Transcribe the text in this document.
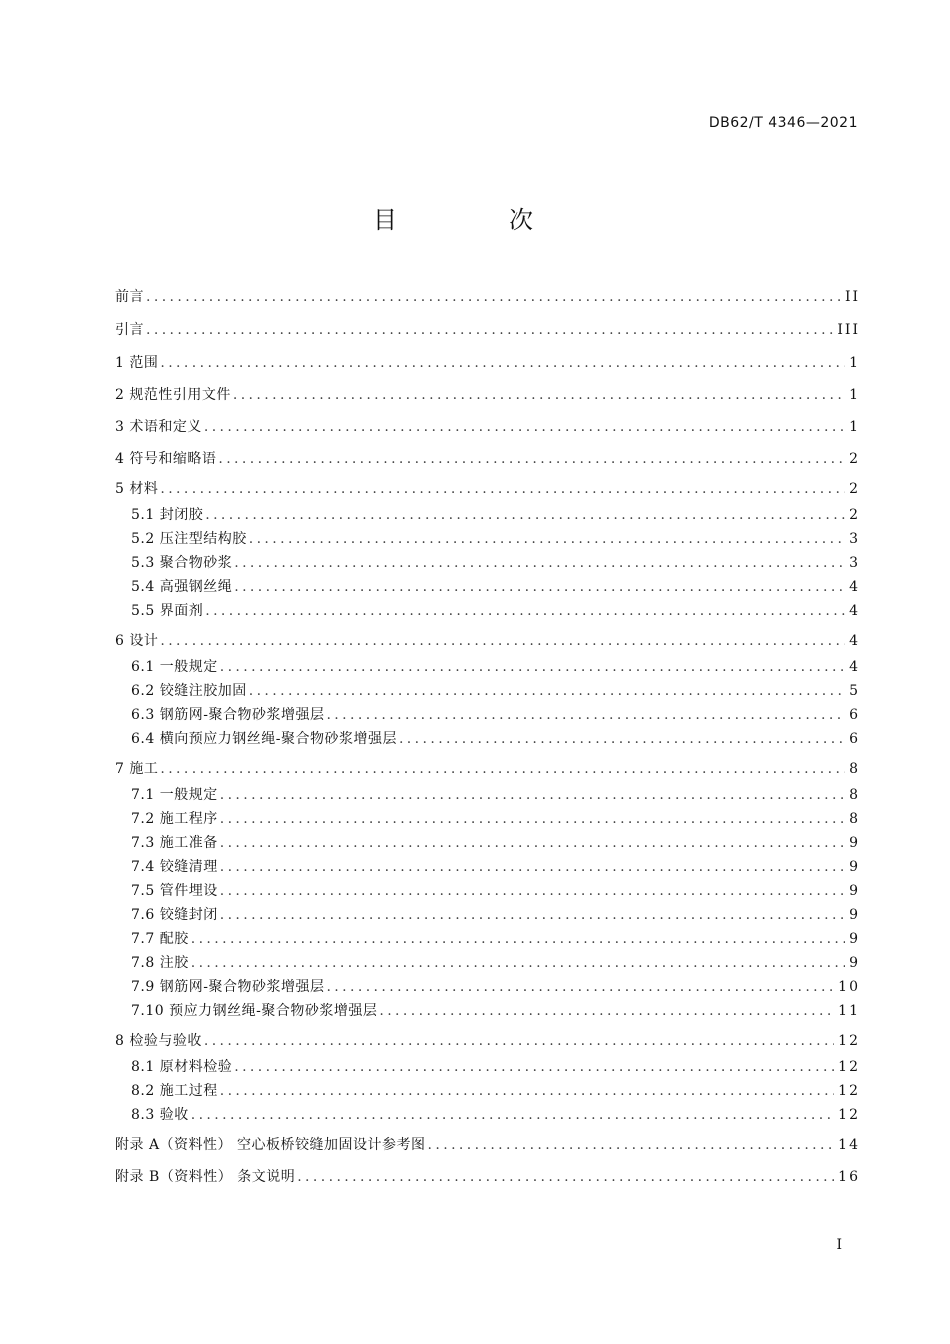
DB62/T 4346—2021
目　次
前言 .....	II
引言 .....	III
1 范围 .....	1
2 规范性引用文件 .....	1
3 术语和定义 .....	1
4 符号和缩略语 .....	2
5 材料 .....	2
5.1 封闭胶 .....	2
5.2 压注型结构胶 .....	3
5.3 聚合物砂浆 .....	3
5.4 高强钢丝绳 .....	4
5.5 界面剂 .....	4
6 设计 .....	4
6.1 一般规定 .....	4
6.2 铰缝注胶加固 .....	5
6.3 钢筋网-聚合物砂浆增强层 .....	6
6.4 横向预应力钢丝绳-聚合物砂浆增强层 .....	6
7 施工 .....	8
7.1 一般规定 .....	8
7.2 施工程序 .....	8
7.3 施工准备 .....	9
7.4 铰缝清理 .....	9
7.5 管件埋设 .....	9
7.6 铰缝封闭 .....	9
7.7 配胶 .....	9
7.8 注胶 .....	9
7.9 钢筋网-聚合物砂浆增强层 .....	10
7.10 预应力钢丝绳-聚合物砂浆增强层 .....	11
8 检验与验收 .....	12
8.1 原材料检验 .....	12
8.2 施工过程 .....	12
8.3 验收 .....	12
附录 A（资料性） 空心板桥铰缝加固设计参考图 .....	14
附录 B（资料性） 条文说明 .....	16
I
